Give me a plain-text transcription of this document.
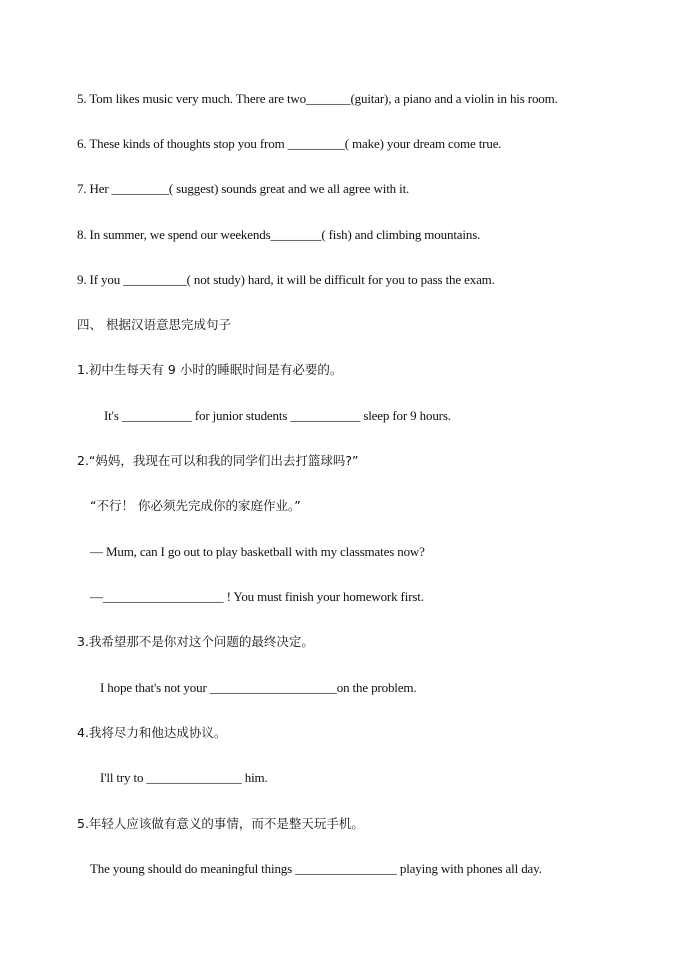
5. Tom likes music very much. There are two_______(guitar), a piano and a violin in his room.
6. These kinds of thoughts stop you from _________( make) your dream come true.
7. Her _________( suggest) sounds great and we all agree with it.
8. In summer, we spend our weekends________( fish) and climbing mountains.
9. If you __________( not study) hard, it will be difficult for you to pass the exam.
四、 根据汉语意思完成句子
1.初中生每天有 9 小时的睡眠时间是有必要的。
It's ___________ for junior students ___________ sleep for 9 hours.
2.“妈妈，我现在可以和我的同学们出去打篮球吗?”
“不行！ 你必须先完成你的家庭作业。”
— Mum, can I go out to play basketball with my classmates now?
—___________________ ! You must finish your homework first.
3.我希望那不是你对这个问题的最终决定。
I hope that's not your ____________________on the problem.
4.我将尽力和他达成协议。
I'll try to _______________ him.
5.年轻人应该做有意义的事情，而不是整天玩手机。
The young should do meaningful things ________________ playing with phones all day.
